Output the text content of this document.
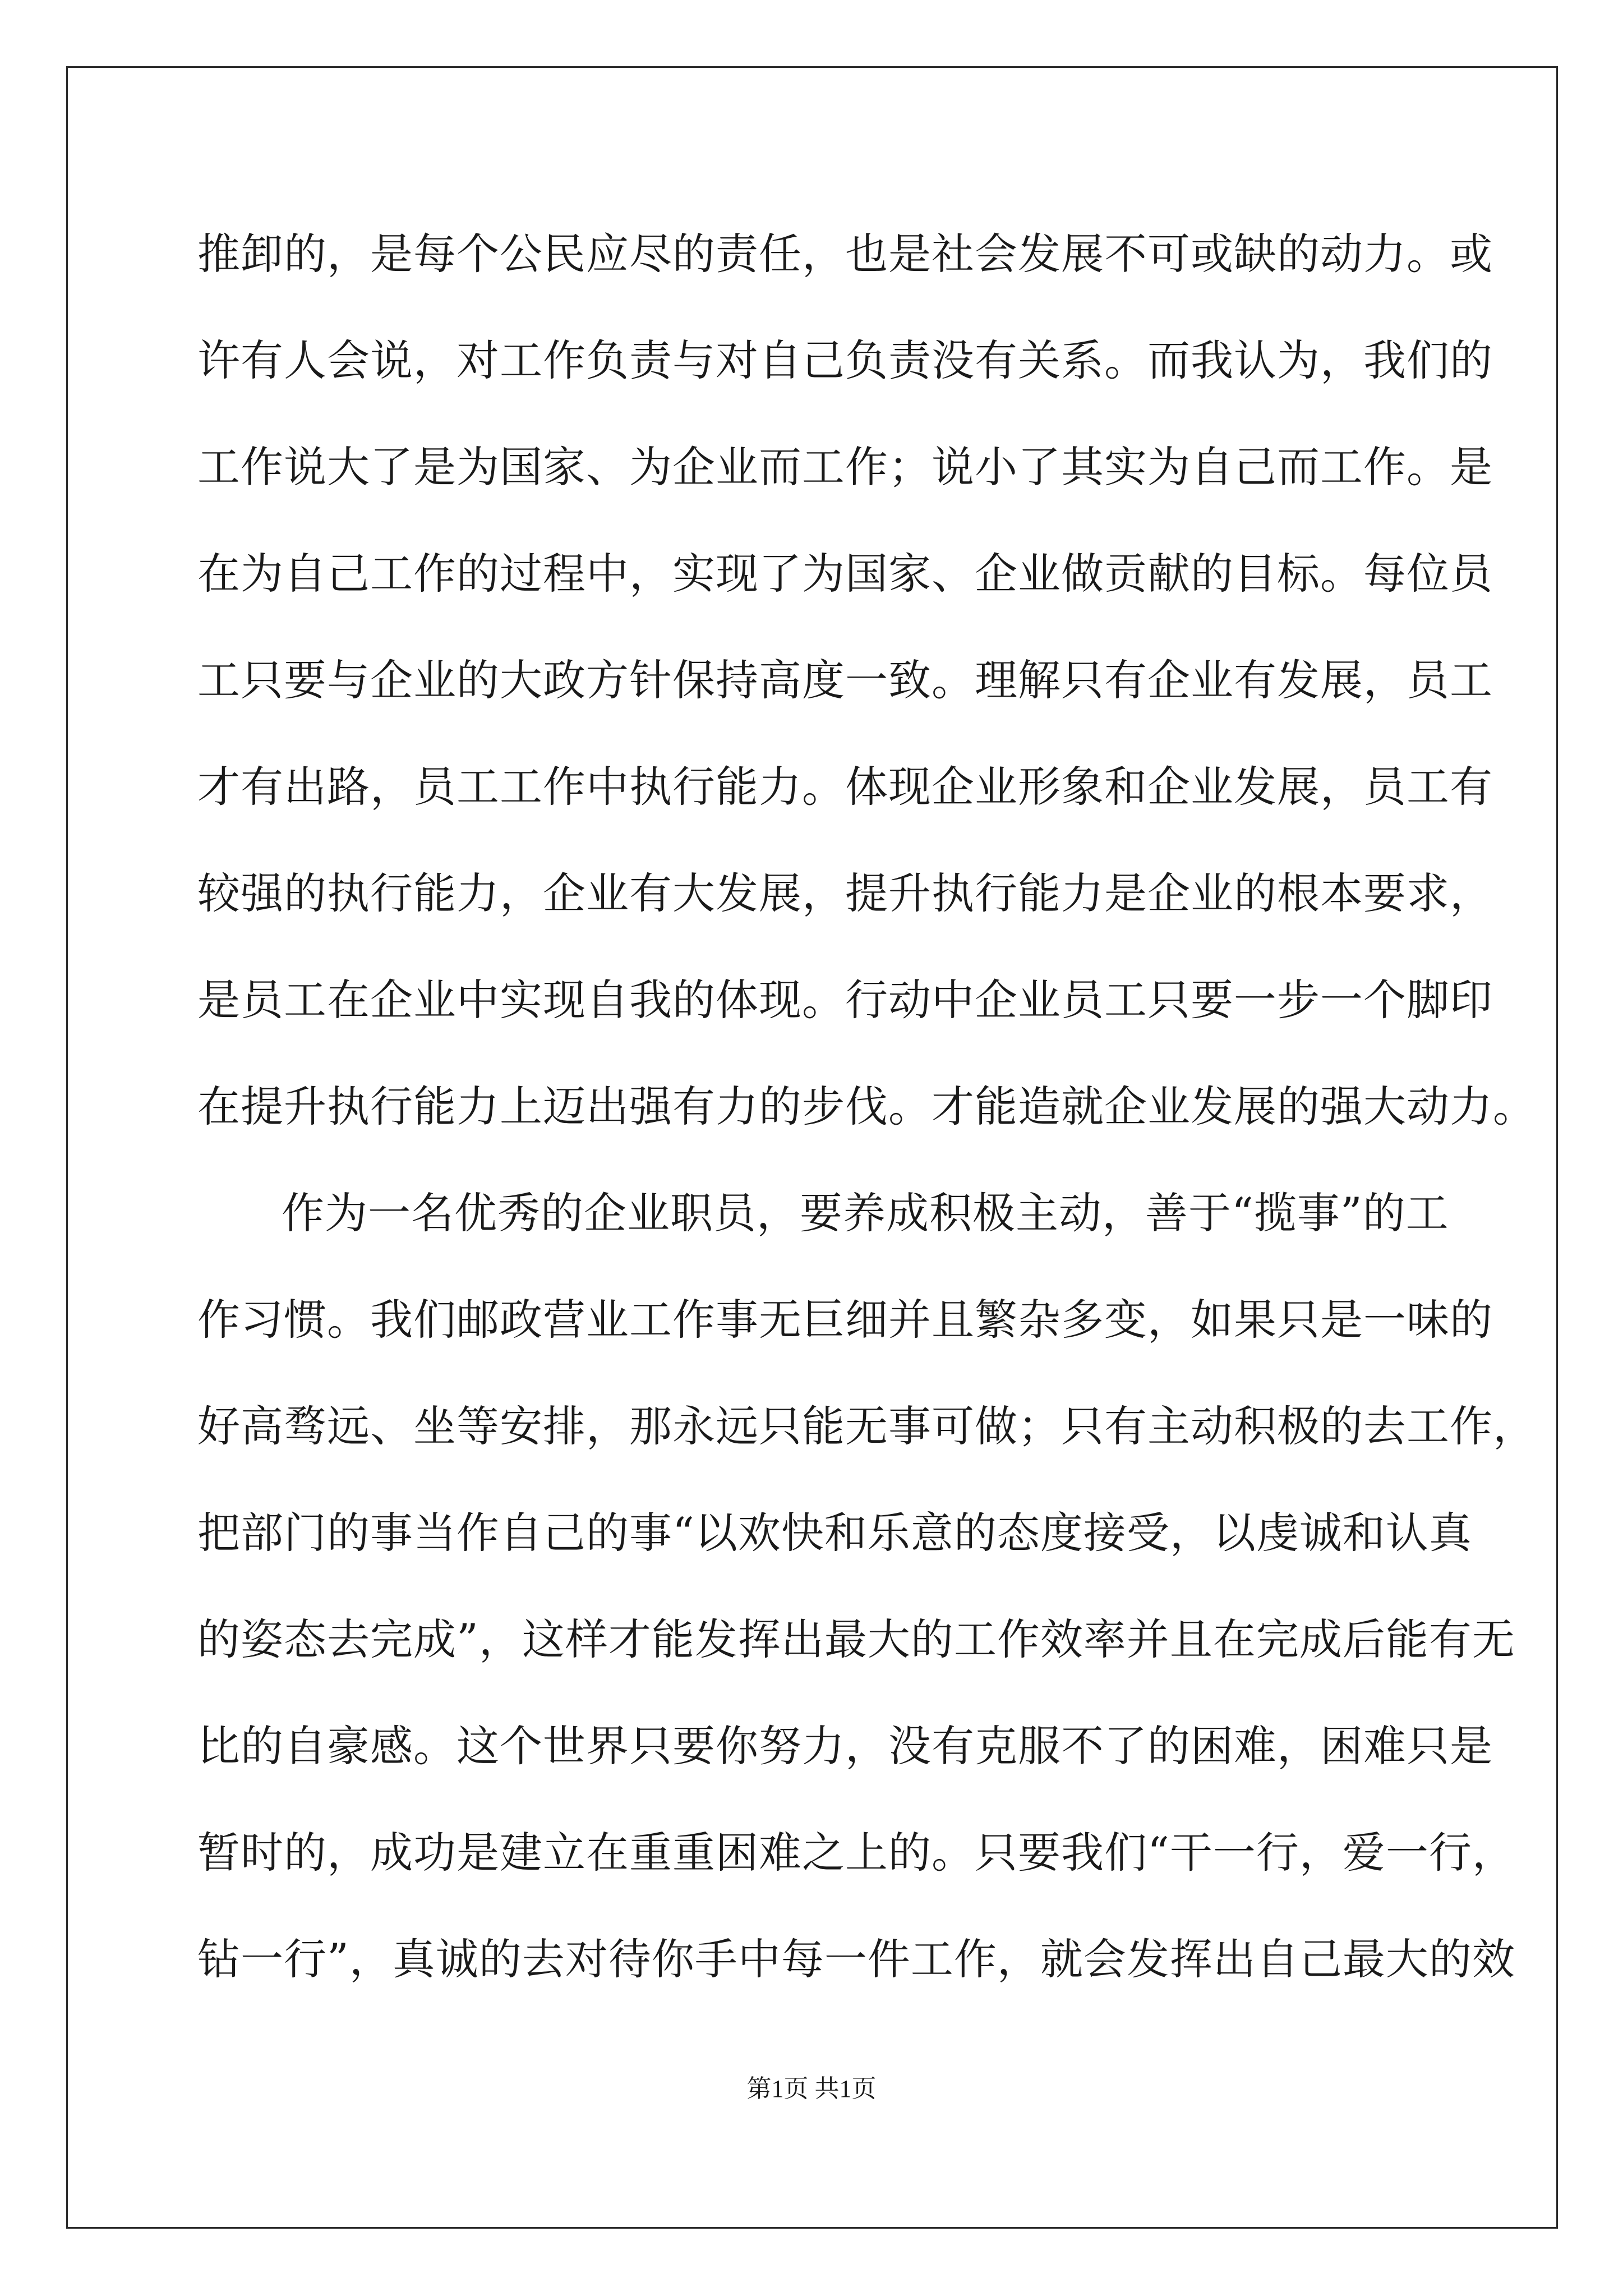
推卸的，是每个公民应尽的责任，也是社会发展不可或缺的动力。或
许有人会说，对工作负责与对自己负责没有关系。而我认为，我们的
工作说大了是为国家、为企业而工作；说小了其实为自己而工作。是
在为自己工作的过程中，实现了为国家、企业做贡献的目标。每位员
工只要与企业的大政方针保持高度一致。理解只有企业有发展，员工
才有出路，员工工作中执行能力。体现企业形象和企业发展，员工有
较强的执行能力，企业有大发展，提升执行能力是企业的根本要求，
是员工在企业中实现自我的体现。行动中企业员工只要一步一个脚印
在提升执行能力上迈出强有力的步伐。才能造就企业发展的强大动力。
作为一名优秀的企业职员，要养成积极主动，善于“揽事”的工
作习惯。我们邮政营业工作事无巨细并且繁杂多变，如果只是一味的
好高骛远、坐等安排，那永远只能无事可做；只有主动积极的去工作，
把部门的事当作自己的事“以欢快和乐意的态度接受，以虔诚和认真
的姿态去完成”，这样才能发挥出最大的工作效率并且在完成后能有无
比的自豪感。这个世界只要你努力，没有克服不了的困难，困难只是
暂时的，成功是建立在重重困难之上的。只要我们“干一行，爱一行，
钻一行”，真诚的去对待你手中每一件工作，就会发挥出自己最大的效
第1页 共1页
